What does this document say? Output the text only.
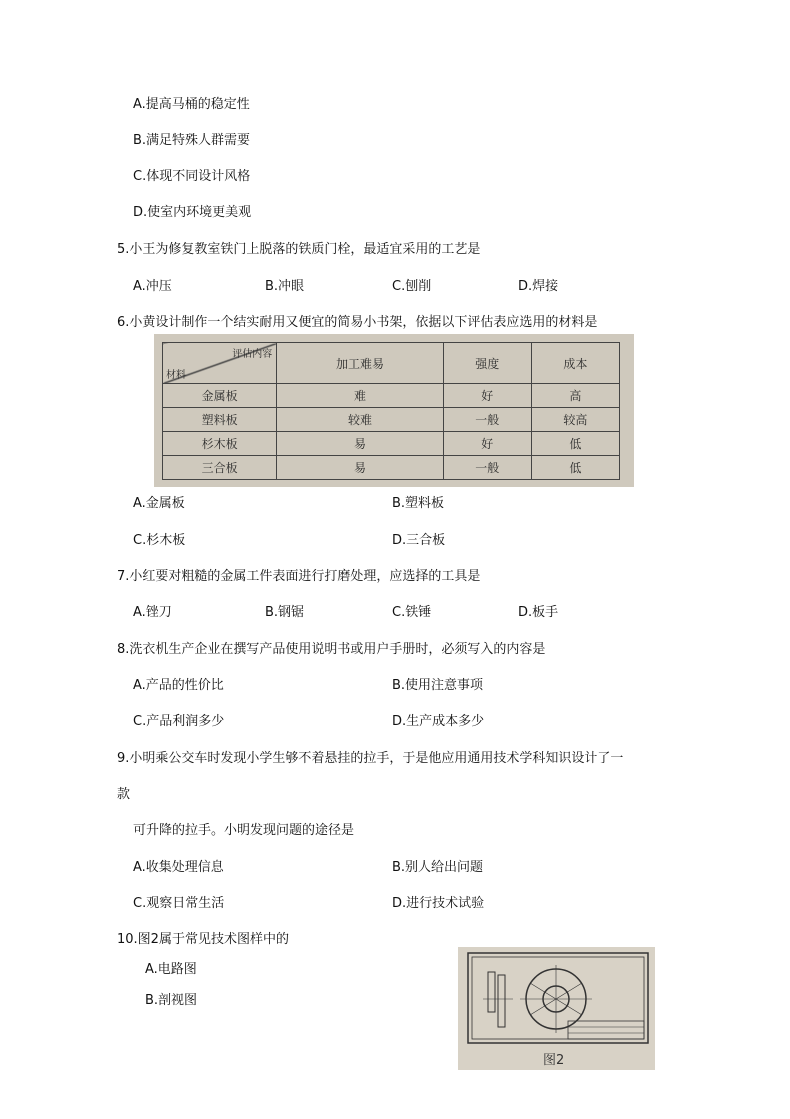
A.提高马桶的稳定性
B.满足特殊人群需要
C.体现不同设计风格
D.使室内环境更美观
5.小王为修复教室铁门上脱落的铁质门栓，最适宜采用的工艺是
A.冲压	B.冲眼	C.刨削	D.焊接
6.小黄设计制作一个结实耐用又便宜的简易小书架，依据以下评估表应选用的材料是
评估内容
材料	加工难易	强度	成本
金属板	难	好	高
塑料板	较难	一般	较高
杉木板	易	好	低
三合板	易	一般	低
A.金属板	B.塑料板
C.杉木板	D.三合板
7.小红要对粗糙的金属工件表面进行打磨处理，应选择的工具是
A.锉刀	B.钢锯	C.铁锤	D.板手
8.洗衣机生产企业在撰写产品使用说明书或用户手册时，必须写入的内容是
A.产品的性价比	B.使用注意事项
C.产品利润多少	D.生产成本多少
9.小明乘公交车时发现小学生够不着悬挂的拉手，于是他应用通用技术学科知识设计了一
款
可升降的拉手。小明发现问题的途径是
A.收集处理信息	B.别人给出问题
C.观察日常生活	D.进行技术试验
10.图2属于常见技术图样中的
A.电路图
B.剖视图
图2
